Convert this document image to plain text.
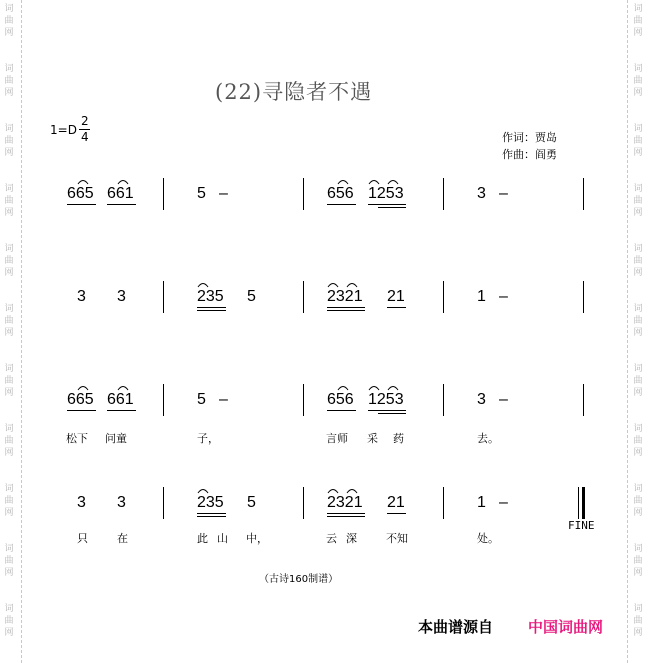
词
曲
网
词
曲
网
词
曲
网
词
曲
网
词
曲
网
词
曲
网
词
曲
网
词
曲
网
词
曲
网
词
曲
网
词
曲
网
词
曲
网
词
曲
网
词
曲
网
词
曲
网
词
曲
网
词
曲
网
词
曲
网
词
曲
网
词
曲
网
词
曲
网
词
曲
网
(22)寻隐者不遇
1=D
2
4	作词：贾岛
作曲：阎勇
665 661	5 –	656 1253	3 –
3 3	235 5	2321 21	1 –
665 661	5 –	656 1253	3 –
松下 问童	子，	言师 采 药	去。
3 3	235 5	2321 21	1 –
FINE
只	在	此 山 中，	云 深	不知	处。
（古诗160制谱）
本曲谱源自 中国词曲网
